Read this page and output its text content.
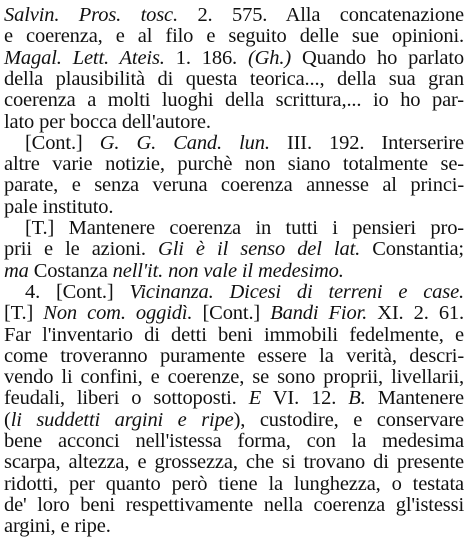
Salvin. Pros. tosc. 2. 575. Alla concatenazione
e coerenza, e al filo e seguito delle sue opinioni.
Magal. Lett. Ateis. 1. 186. (Gh.) Quando ho parlato
della plausibilità di questa teorica..., della sua gran
coerenza a molti luoghi della scrittura,... io ho par-
lato per bocca dell'autore.
[Cont.] G. G. Cand. lun. III. 192. Interserire
altre varie notizie, purchè non siano totalmente se-
parate, e senza veruna coerenza annesse al princi-
pale instituto.
[T.] Mantenere coerenza in tutti i pensieri pro-
prii e le azioni. Gli è il senso del lat. Constantia;
ma Costanza nell'it. non vale il medesimo.
4. [Cont.] Vicinanza. Dicesi di terreni e case.
[T.] Non com. oggidì. [Cont.] Bandi Fior. XI. 2. 61.
Far l'inventario di detti beni immobili fedelmente, e
come troveranno puramente essere la verità, descri-
vendo li confini, e coerenze, se sono proprii, livellarii,
feudali, liberi o sottoposti. E VI. 12. B. Mantenere
(li suddetti argini e ripe), custodire, e conservare
bene acconci nell'istessa forma, con la medesima
scarpa, altezza, e grossezza, che si trovano di presente
ridotti, per quanto però tiene la lunghezza, o testata
de' loro beni respettivamente nella coerenza gl'istessi
argini, e ripe.
